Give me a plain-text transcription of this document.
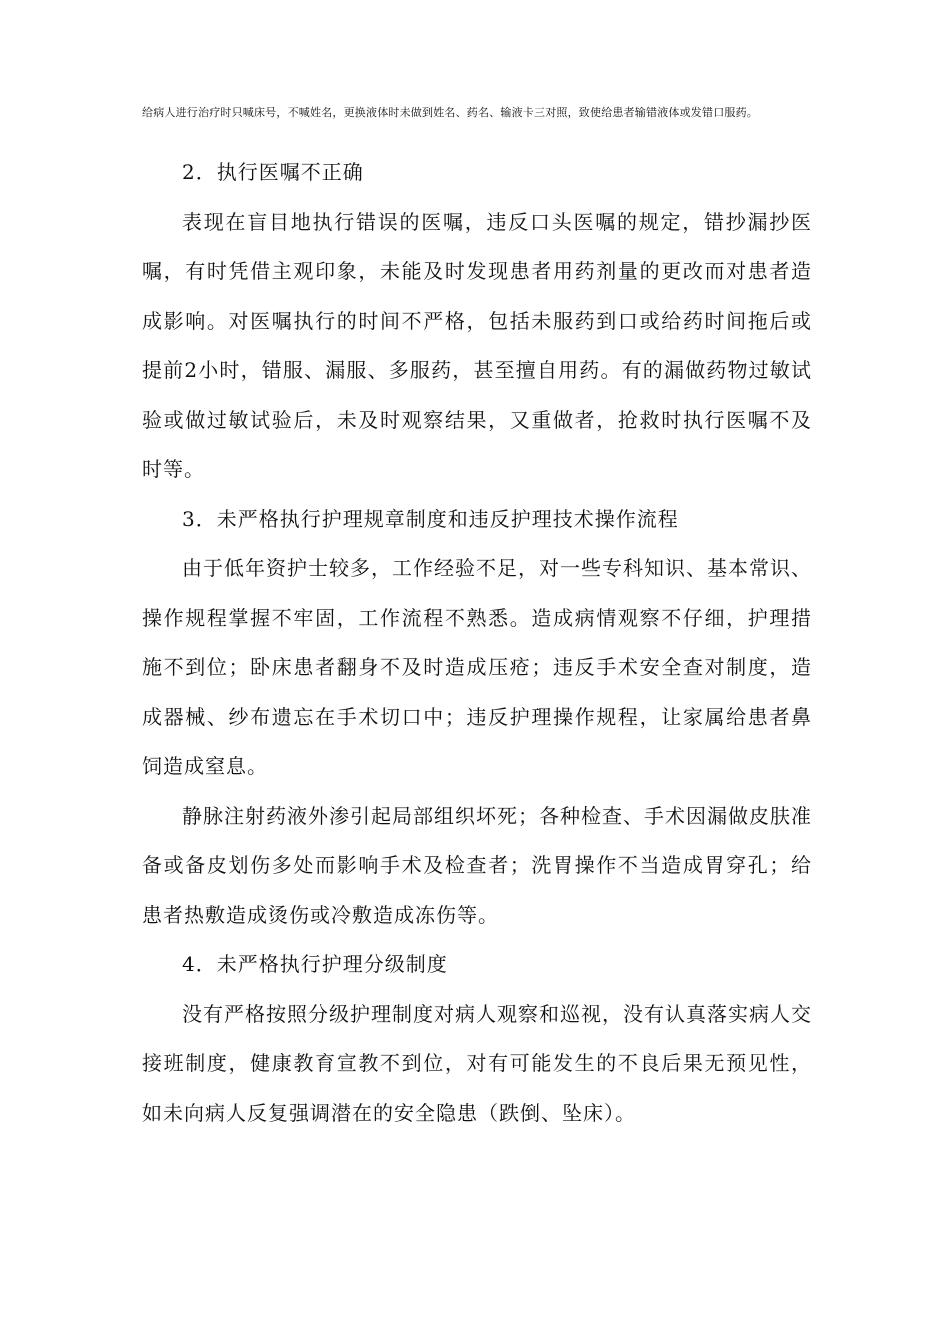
给病人进行治疗时只喊床号，不喊姓名，更换液体时未做到姓名、药名、输液卡三对照，致使给患者输错液体或发错口服药。

2．执行医嘱不正确

表现在盲目地执行错误的医嘱，违反口头医嘱的规定，错抄漏抄医嘱，有时凭借主观印象，未能及时发现患者用药剂量的更改而对患者造成影响。对医嘱执行的时间不严格，包括未服药到口或给药时间拖后或提前2小时，错服、漏服、多服药，甚至擅自用药。有的漏做药物过敏试验或做过敏试验后，未及时观察结果，又重做者，抢救时执行医嘱不及时等。

3．未严格执行护理规章制度和违反护理技术操作流程

由于低年资护士较多，工作经验不足，对一些专科知识、基本常识、操作规程掌握不牢固，工作流程不熟悉。造成病情观察不仔细，护理措施不到位；卧床患者翻身不及时造成压疮；违反手术安全查对制度，造成器械、纱布遗忘在手术切口中；违反护理操作规程，让家属给患者鼻饲造成窒息。

静脉注射药液外渗引起局部组织坏死；各种检查、手术因漏做皮肤准备或备皮划伤多处而影响手术及检查者；洗胃操作不当造成胃穿孔；给患者热敷造成烫伤或冷敷造成冻伤等。

4．未严格执行护理分级制度

没有严格按照分级护理制度对病人观察和巡视，没有认真落实病人交接班制度，健康教育宣教不到位，对有可能发生的不良后果无预见性，如未向病人反复强调潜在的安全隐患（跌倒、坠床）。
